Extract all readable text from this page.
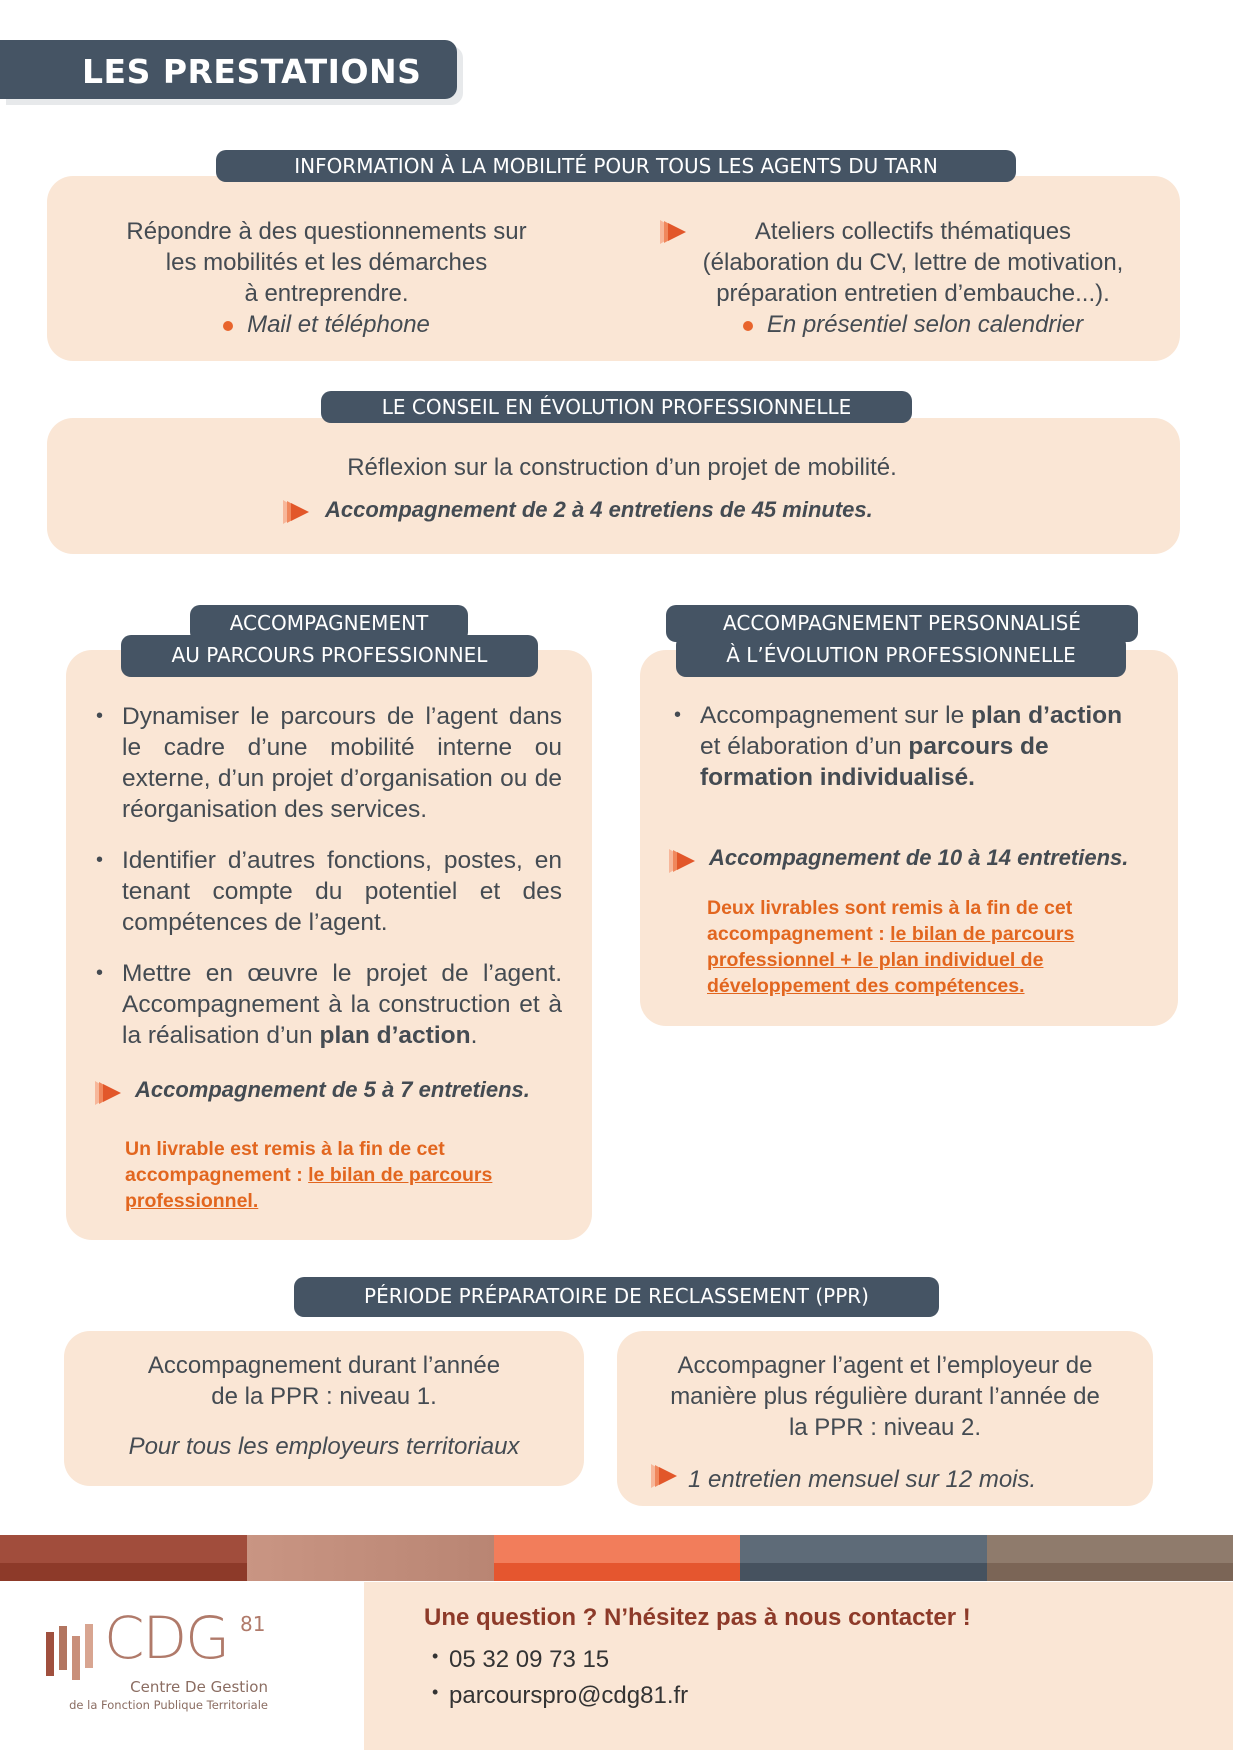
LES PRESTATIONS
INFORMATION À LA MOBILITÉ POUR TOUS LES AGENTS DU TARN
Répondre à des questionnements sur
les mobilités et les démarches
à entreprendre.
Mail et téléphone
Ateliers collectifs thématiques
(élaboration du CV, lettre de motivation,
préparation entretien d’embauche...).
En présentiel selon calendrier
LE CONSEIL EN ÉVOLUTION PROFESSIONNELLE
Réflexion sur la construction d’un projet de mobilité.
Accompagnement de 2 à 4 entretiens de 45 minutes.
ACCOMPAGNEMENT
AU PARCOURS PROFESSIONNEL
• Dynamiser le parcours de l’agent dans le cadre d’une mobilité interne ou externe, d’un projet d’organisation ou de réorganisation des services.
• Identifier d’autres fonctions, postes, en tenant compte du potentiel et des compétences de l’agent.
• Mettre en œuvre le projet de l’agent. Accompagnement à la construction et à la réalisation d’un plan d’action.
Accompagnement de 5 à 7 entretiens.
Un livrable est remis à la fin de cet accompagnement : le bilan de parcours professionnel.
ACCOMPAGNEMENT PERSONNALISÉ
À L’ÉVOLUTION PROFESSIONNELLE
• Accompagnement sur le plan d’action et élaboration d’un parcours de formation individualisé.
Accompagnement de 10 à 14 entretiens.
Deux livrables sont remis à la fin de cet accompagnement : le bilan de parcours professionnel + le plan individuel de développement des compétences.
PÉRIODE PRÉPARATOIRE DE RECLASSEMENT (PPR)
Accompagnement durant l’année
de la PPR : niveau 1.
Pour tous les employeurs territoriaux
Accompagner l’agent et l’employeur de
manière plus régulière durant l’année de
la PPR : niveau 2.
1 entretien mensuel sur 12 mois.
CDG 81
Centre De Gestion
de la Fonction Publique Territoriale
Une question ? N’hésitez pas à nous contacter !
• 05 32 09 73 15
• parcourspro@cdg81.fr
